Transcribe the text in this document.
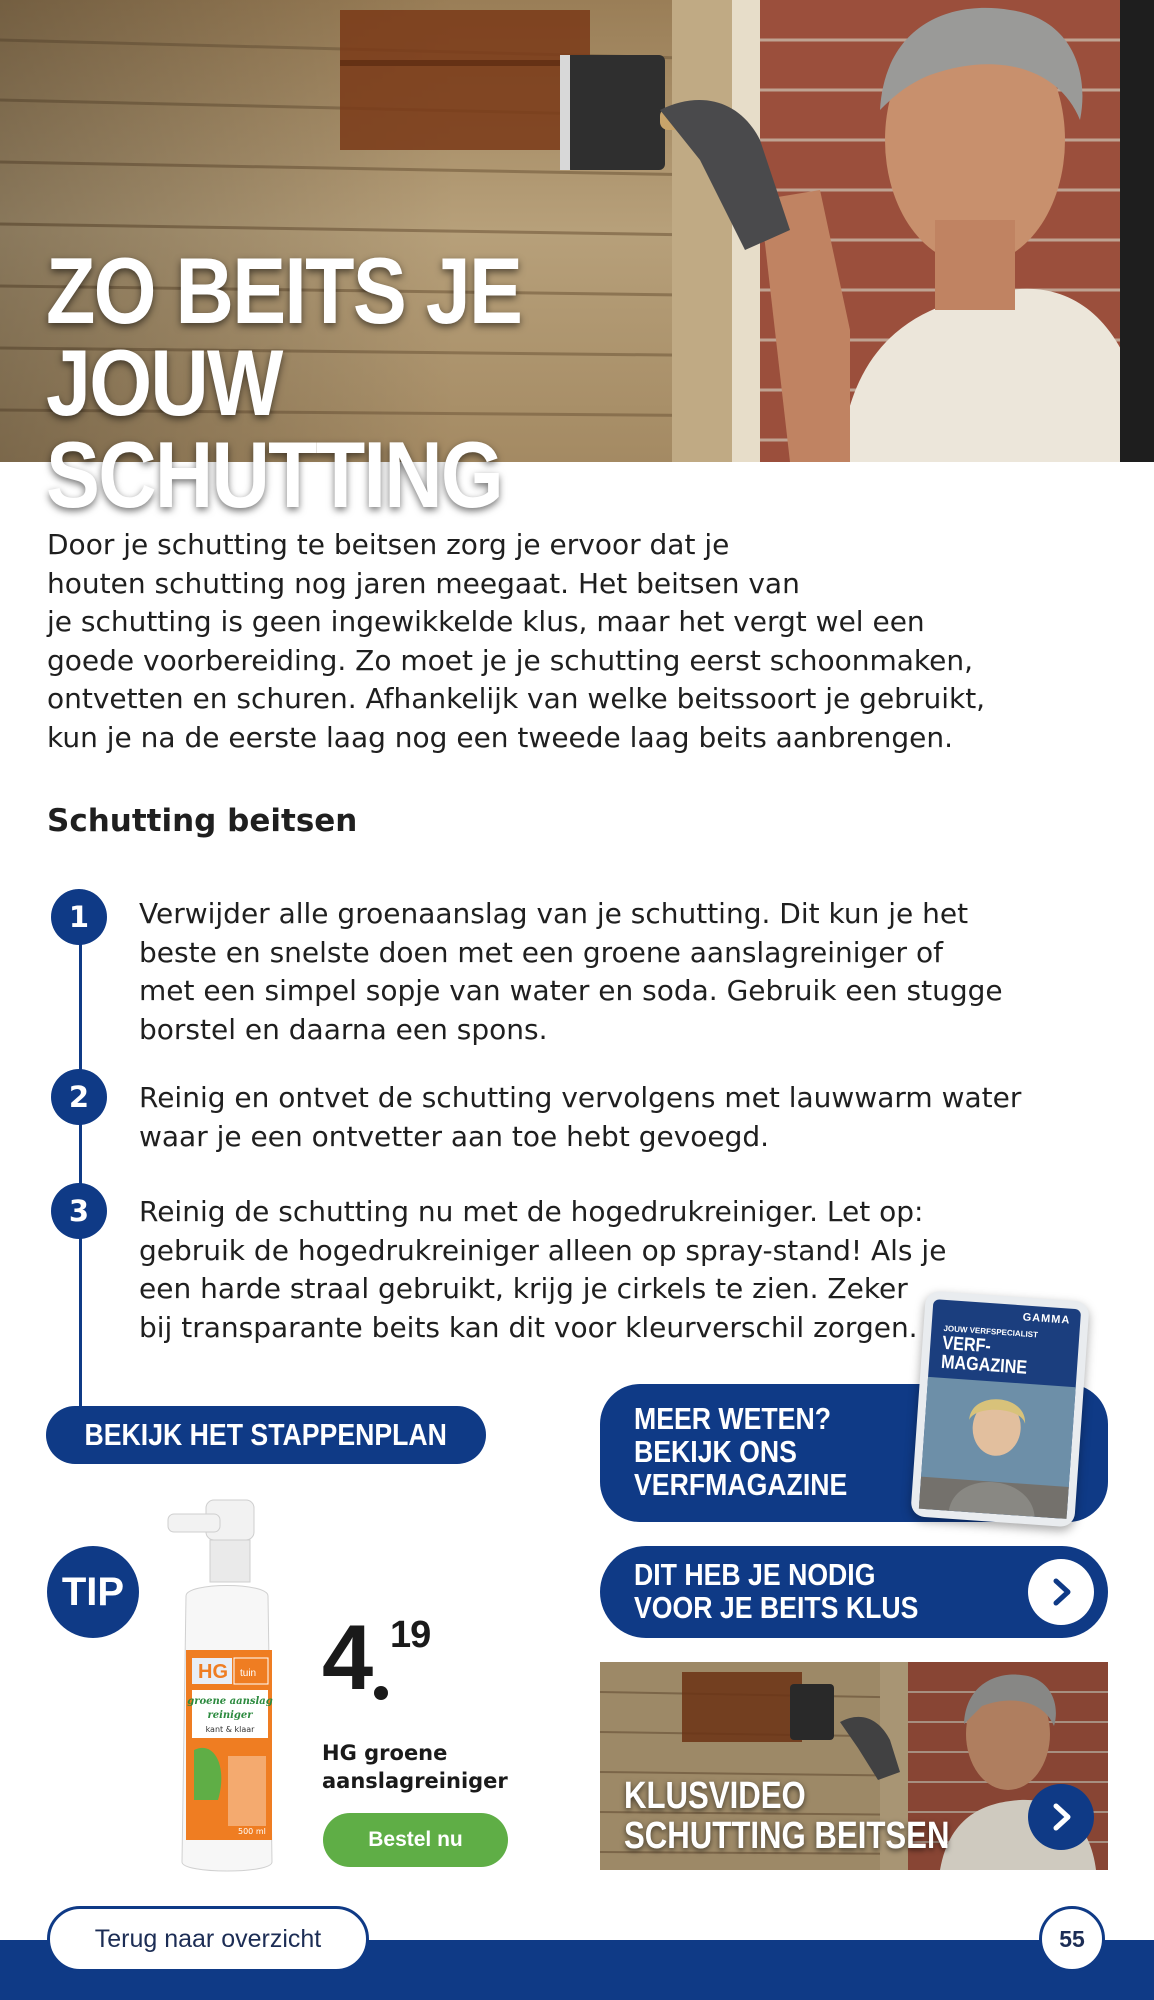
ZO BEITS JE JOUW
SCHUTTING
Door je schutting te beitsen zorg je ervoor dat je
houten schutting nog jaren meegaat. Het beitsen van
je schutting is geen ingewikkelde klus, maar het vergt wel een
goede voorbereiding. Zo moet je je schutting eerst schoonmaken,
ontvetten en schuren. Afhankelijk van welke beitssoort je gebruikt,
kun je na de eerste laag nog een tweede laag beits aanbrengen.
Schutting beitsen
1	Verwijder alle groenaanslag van je schutting. Dit kun je het
beste en snelste doen met een groene aanslagreiniger of
met een simpel sopje van water en soda. Gebruik een stugge
borstel en daarna een spons.
2	Reinig en ontvet de schutting vervolgens met lauwwarm water
waar je een ontvetter aan toe hebt gevoegd.
3	Reinig de schutting nu met de hogedrukreiniger. Let op:
gebruik de hogedrukreiniger alleen op spray-stand! Als je
een harde straal gebruikt, krijg je cirkels te zien. Zeker
bij transparante beits kan dit voor kleurverschil zorgen.
BEKIJK HET STAPPENPLAN	MEER WETEN?
BEKIJK ONS
VERFMAGAZINE
GAMMA
JOUW VERFSPECIALIST
VERF-
MAGAZINE
DIT HEB JE NODIG
VOOR JE BEITS KLUS
TIP
HG tuin
groene aanslag
reiniger
kant & klaar
500 ml
4 19
HG groene
aanslagreiniger
Bestel nu
KLUSVIDEO
SCHUTTING BEITSEN
Terug naar overzicht	55
